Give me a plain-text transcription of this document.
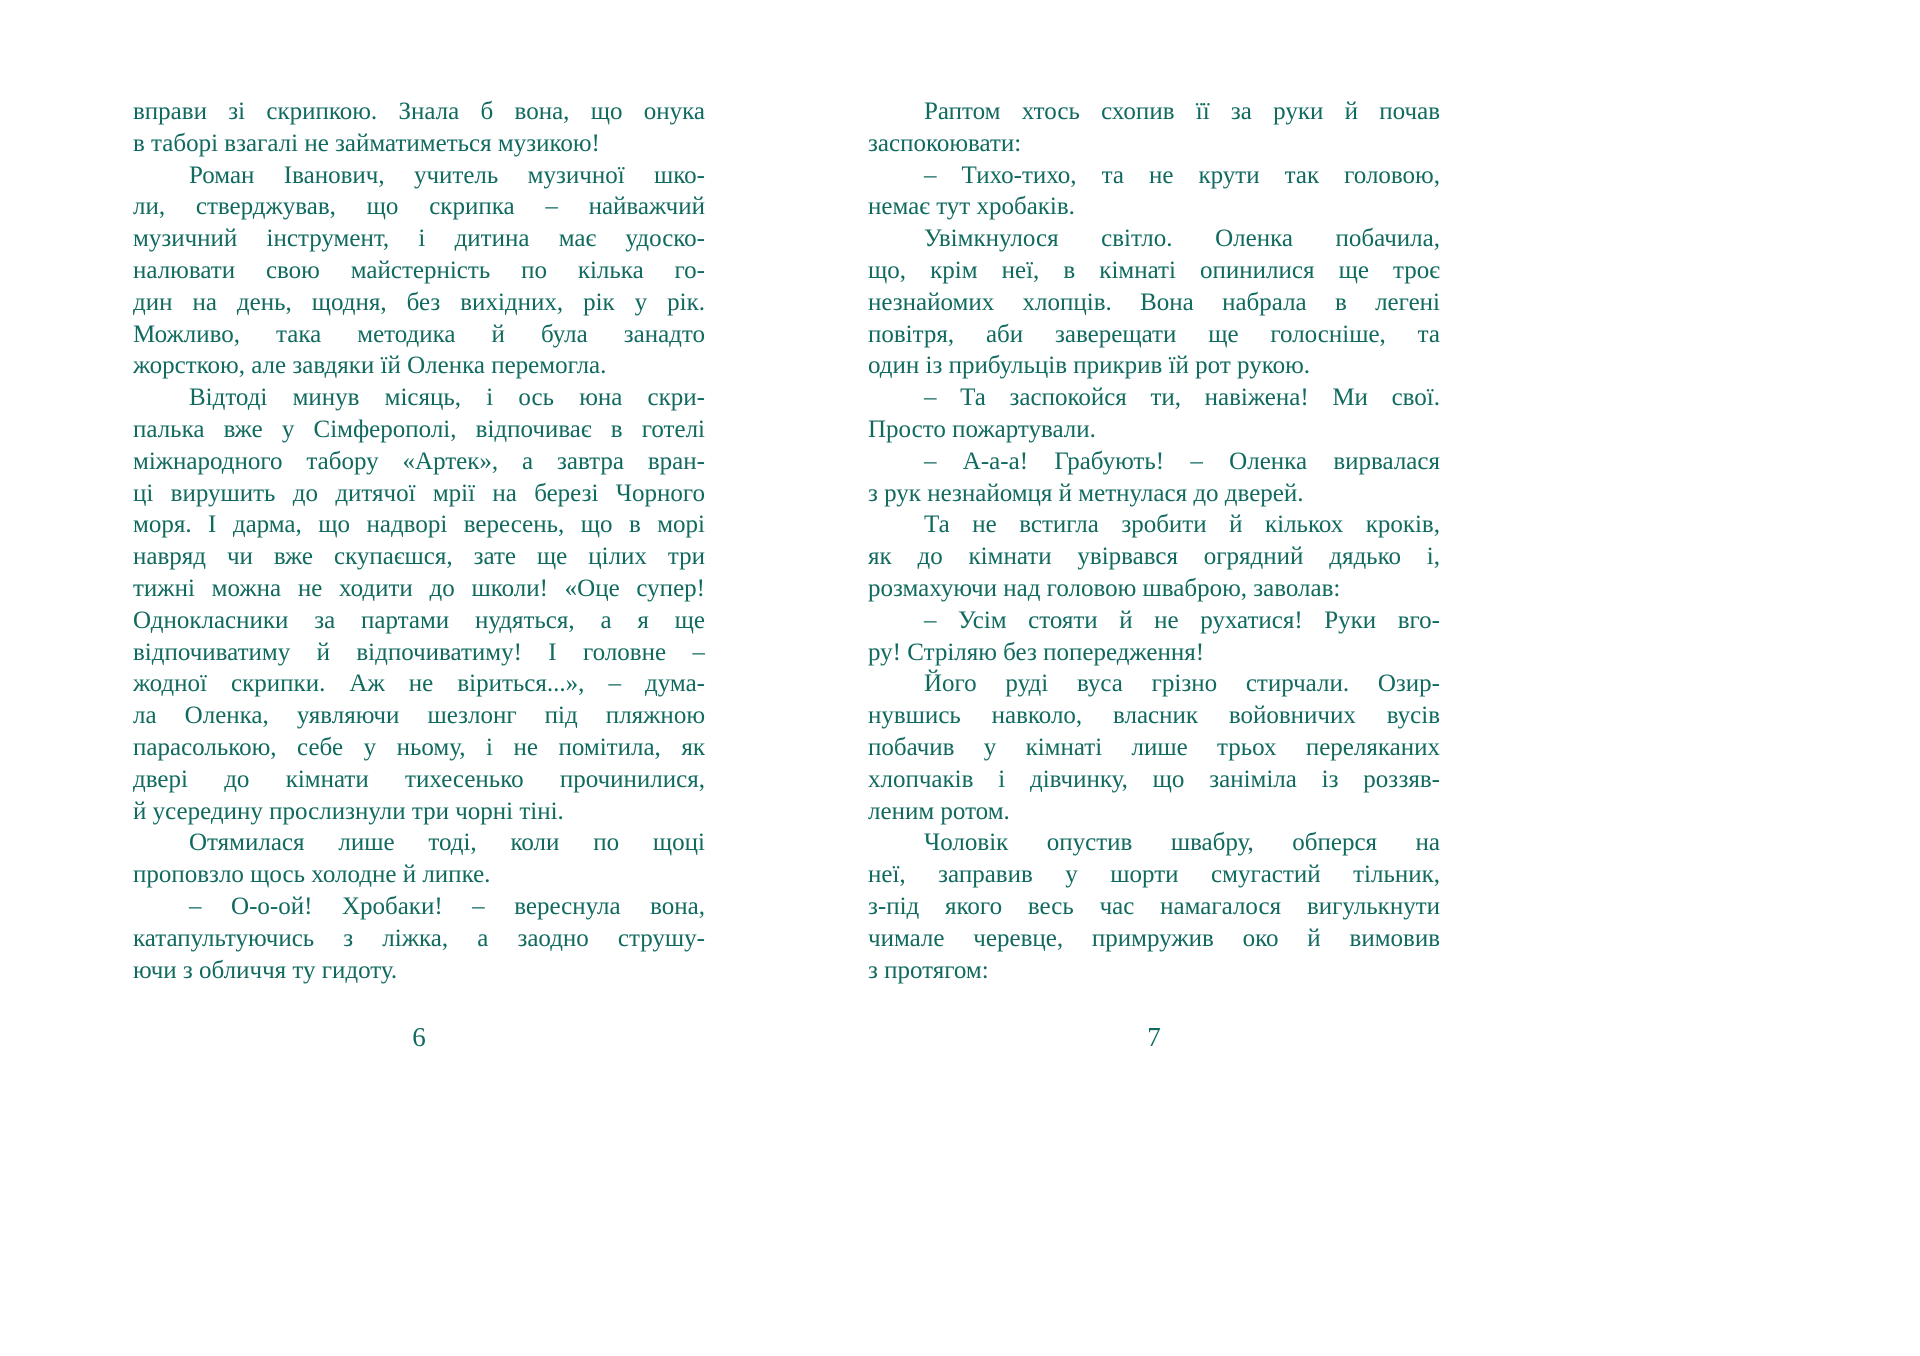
вправи зі скрипкою. Знала б вона, що онука
в таборі взагалі не займатиметься музикою!
Роман Іванович, учитель музичної шко-
ли, стверджував, що скрипка – найважчий
музичний інструмент, і дитина має удоско-
налювати свою майстерність по кілька го-
дин на день, щодня, без вихідних, рік у рік.
Можливо, така методика й була занадто
жорсткою, але завдяки їй Оленка перемогла.
Відтоді минув місяць, і ось юна скри-
палька вже у Сімферополі, відпочиває в готелі
міжнародного табору «Артек», а завтра вран-
ці вирушить до дитячої мрії на березі Чорного
моря. І дарма, що надворі вересень, що в морі
навряд чи вже скупаєшся, зате ще цілих три
тижні можна не ходити до школи! «Оце супер!
Однокласники за партами нудяться, а я ще
відпочиватиму й відпочиватиму! І головне –
жодної скрипки. Аж не віриться...», – дума-
ла Оленка, уявляючи шезлонг під пляжною
парасолькою, себе у ньому, і не помітила, як
двері до кімнати тихесенько прочинилися,
й усередину прослизнули три чорні тіні.
Отямилася лише тоді, коли по щоці
проповзло щось холодне й липке.
– О-о-ой! Хробаки! – вереснула вона,
катапультуючись з ліжка, а заодно струшу-
ючи з обличчя ту гидоту.
6
Раптом хтось схопив її за руки й почав
заспокоювати:
– Тихо-тихо, та не крути так головою,
немає тут хробаків.
Увімкнулося світло. Оленка побачила,
що, крім неї, в кімнаті опинилися ще троє
незнайомих хлопців. Вона набрала в легені
повітря, аби заверещати ще голосніше, та
один із прибульців прикрив їй рот рукою.
– Та заспокойся ти, навіжена! Ми свої.
Просто пожартували.
– А-а-а! Грабують! – Оленка вирвалася
з рук незнайомця й метнулася до дверей.
Та не встигла зробити й кількох кроків,
як до кімнати увірвався огрядний дядько і,
розмахуючи над головою шваброю, заволав:
– Усім стояти й не рухатися! Руки вго-
ру! Стріляю без попередження!
Його руді вуса грізно стирчали. Озир-
нувшись навколо, власник войовничих вусів
побачив у кімнаті лише трьох переляканих
хлопчаків і дівчинку, що заніміла із роззяв-
леним ротом.
Чоловік опустив швабру, обперся на
неї, заправив у шорти смугастий тільник,
з-під якого весь час намагалося вигулькнути
чимале черевце, примружив око й вимовив
з протягом:
7
